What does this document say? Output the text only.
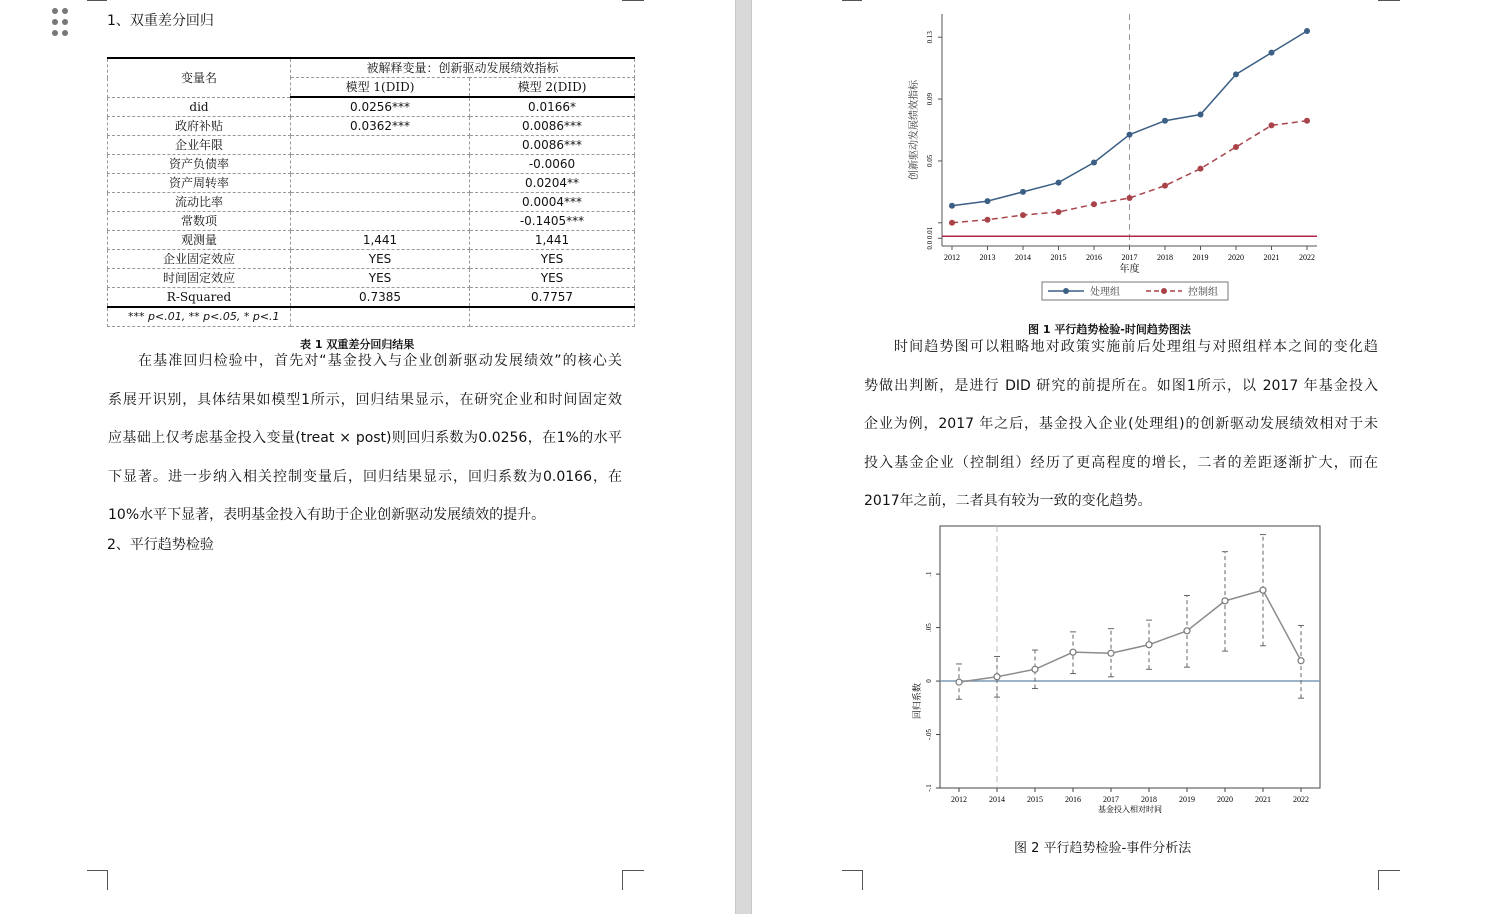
1、双重差分回归
变量名	被解释变量：创新驱动发展绩效指标	
	模型 1(DID)	模型 2(DID)
did	0.0256***	0.0166*
政府补贴	0.0362***	0.0086***
企业年限		0.0086***
资产负债率		-0.0060
资产周转率		0.0204**
流动比率		0.0004***
常数项		-0.1405***
观测量	1,441	1,441
企业固定效应	YES	YES
时间固定效应	YES	YES
R-Squared	0.7385	0.7757
*** p<.01, ** p<.05, * p<.1		
表 1 双重差分回归结果
在基准回归检验中，首先对“基金投入与企业创新驱动发展绩效”的核心关
系展开识别，具体结果如模型1所示，回归结果显示，在研究企业和时间固定效
应基础上仅考虑基金投入变量(treat × post)则回归系数为0.0256，在1%的水平
下显著。进一步纳入相关控制变量后，回归结果显示，回归系数为0.0166，在
10%水平下显著，表明基金投入有助于企业创新驱动发展绩效的提升。
2、平行趋势检验
0.0 0.01
0.05
0.09
0.13
创新驱动发展绩效指标
2012 2013 2014 2015 2016 2017 2018 2019 2020 2021 2022
年度
处理组	控制组
图 1 平行趋势检验-时间趋势图法
时间趋势图可以粗略地对政策实施前后处理组与对照组样本之间的变化趋
势做出判断，是进行 DID 研究的前提所在。如图1所示，以 2017 年基金投入
企业为例，2017 年之后，基金投入企业(处理组)的创新驱动发展绩效相对于未
投入基金企业（控制组）经历了更高程度的增长，二者的差距逐渐扩大，而在
2017年之前，二者具有较为一致的变化趋势。
-.1
-.05
0
.05
.1
回归系数
2012	2014	2015	2016	2017	2018	2019	2020	2021	2022
基金投入相对时间
图 2 平行趋势检验-事件分析法
